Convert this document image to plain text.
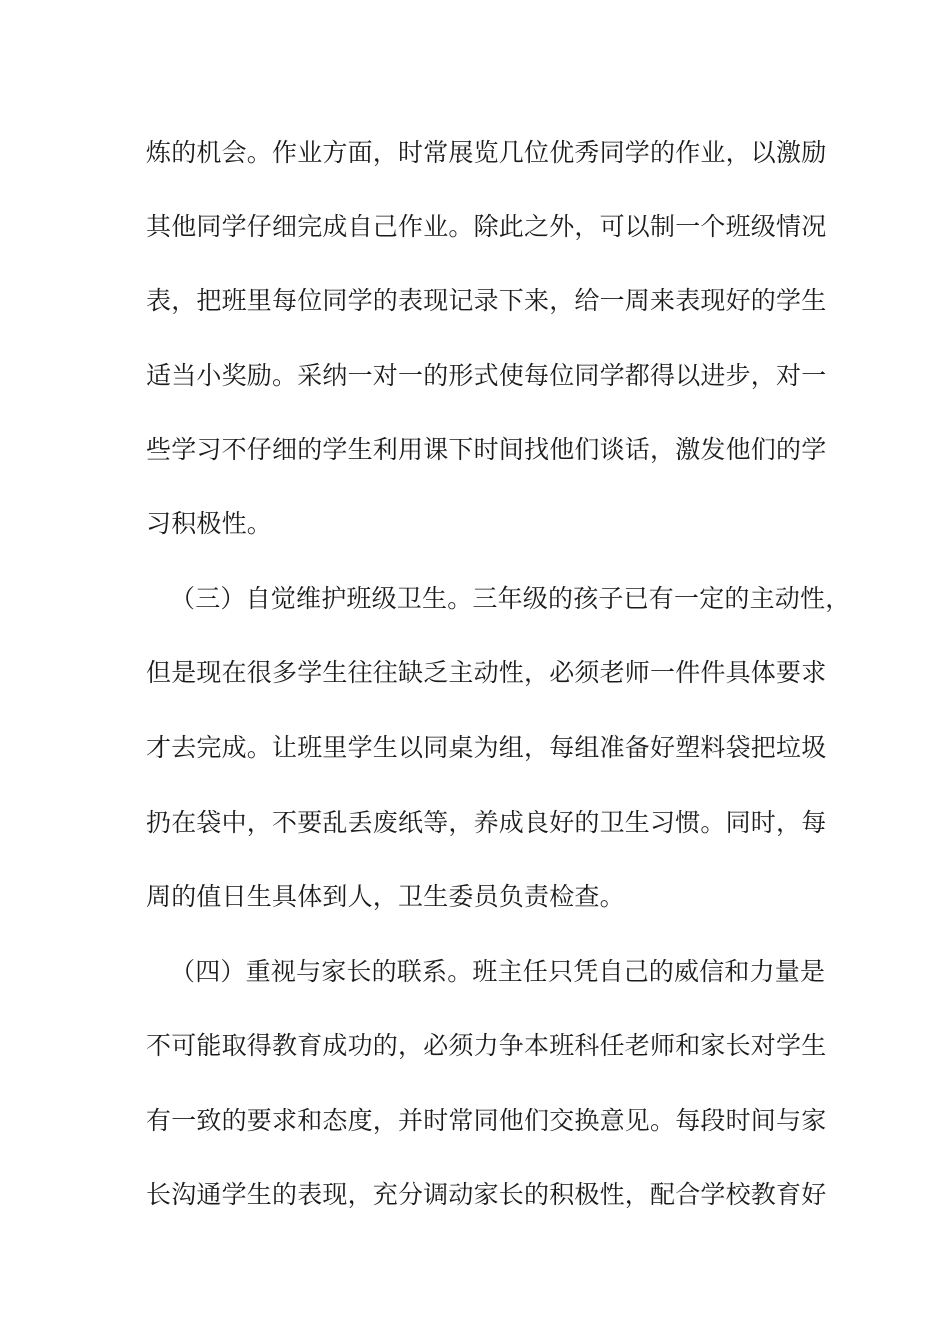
炼的机会。作业方面，时常展览几位优秀同学的作业，以激励
其他同学仔细完成自己作业。除此之外，可以制一个班级情况
表，把班里每位同学的表现记录下来，给一周来表现好的学生
适当小奖励。采纳一对一的形式使每位同学都得以进步，对一
些学习不仔细的学生利用课下时间找他们谈话，激发他们的学
习积极性。
（三）自觉维护班级卫生。三年级的孩子已有一定的主动性，
但是现在很多学生往往缺乏主动性，必须老师一件件具体要求
才去完成。让班里学生以同桌为组，每组准备好塑料袋把垃圾
扔在袋中，不要乱丢废纸等，养成良好的卫生习惯。同时，每
周的值日生具体到人，卫生委员负责检查。
（四）重视与家长的联系。班主任只凭自己的威信和力量是
不可能取得教育成功的，必须力争本班科任老师和家长对学生
有一致的要求和态度，并时常同他们交换意见。每段时间与家
长沟通学生的表现，充分调动家长的积极性，配合学校教育好
